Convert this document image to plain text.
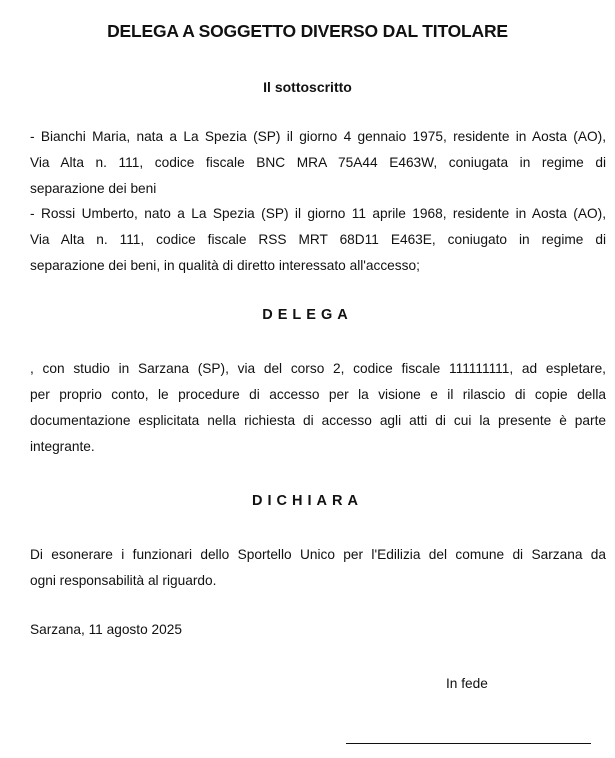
DELEGA A SOGGETTO DIVERSO DAL TITOLARE
Il sottoscritto
- Bianchi Maria, nata a La Spezia (SP) il giorno 4 gennaio 1975, residente in Aosta (AO),
Via Alta n. 111, codice fiscale BNC MRA 75A44 E463W, coniugata in regime di
separazione dei beni
- Rossi Umberto, nato a La Spezia (SP) il giorno 11 aprile 1968, residente in Aosta (AO),
Via Alta n. 111, codice fiscale RSS MRT 68D11 E463E, coniugato in regime di
separazione dei beni, in qualità di diretto interessato all'accesso;
DELEGA
, con studio in Sarzana (SP), via del corso 2, codice fiscale 111111111, ad espletare,
per proprio conto, le procedure di accesso per la visione e il rilascio di copie della
documentazione esplicitata nella richiesta di accesso agli atti di cui la presente è parte
integrante.
DICHIARA
Di esonerare i funzionari dello Sportello Unico per l'Edilizia del comune di Sarzana da
ogni responsabilità al riguardo.
Sarzana, 11 agosto 2025
In fede
